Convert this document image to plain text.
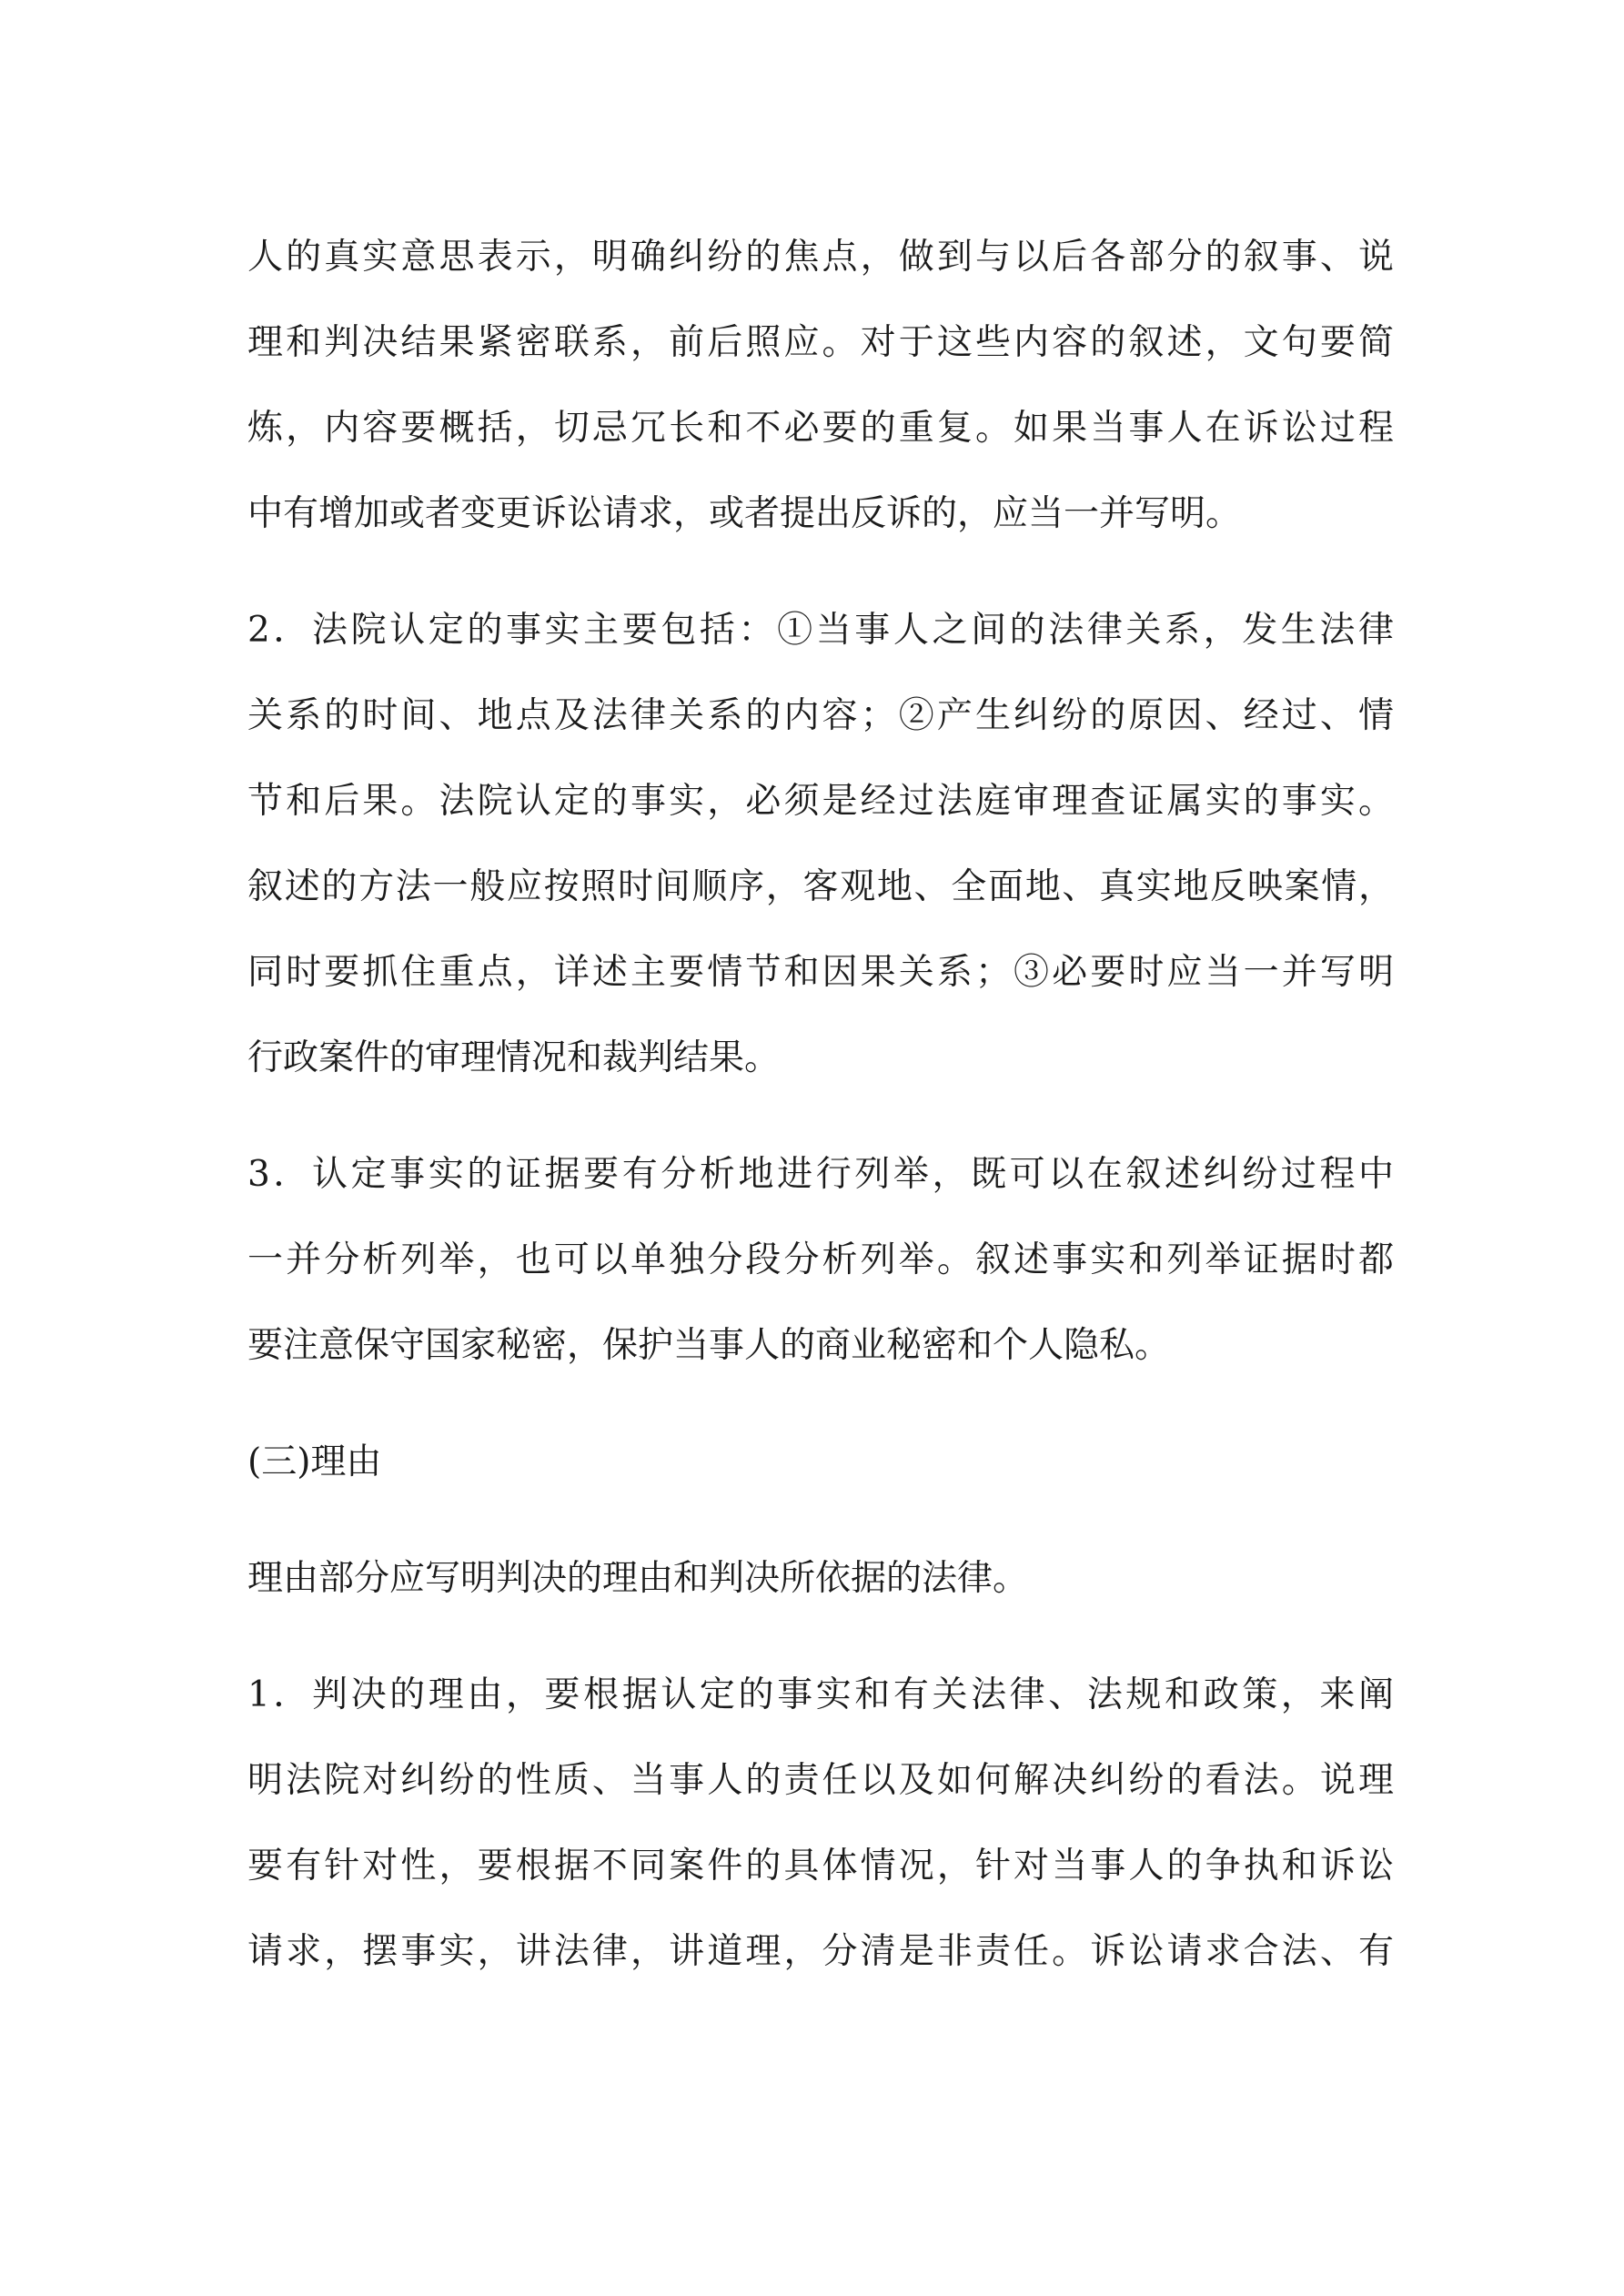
人的真实意思表示，明确纠纷的焦点，做到与以后各部分的叙事、说
理和判决结果紧密联系，前后照应。对于这些内容的叙述，文句要简
炼，内容要概括，切忌冗长和不必要的重复。如果当事人在诉讼过程
中有增加或者变更诉讼请求，或者提出反诉的，应当一并写明。

2．法院认定的事实主要包括：①当事人之间的法律关系，发生法律
关系的时间、地点及法律关系的内容；②产生纠纷的原因、经过、情
节和后果。法院认定的事实，必须是经过法庭审理查证属实的事实。
叙述的方法一般应按照时间顺序，客观地、全面地、真实地反映案情，
同时要抓住重点，详述主要情节和因果关系；③必要时应当一并写明
行政案件的审理情况和裁判结果。

3．认定事实的证据要有分析地进行列举，既可以在叙述纠纷过程中
一并分析列举，也可以单独分段分析列举。叙述事实和列举证据时都
要注意保守国家秘密，保护当事人的商业秘密和个人隐私。

(三)理由

理由部分应写明判决的理由和判决所依据的法律。

1．判决的理由，要根据认定的事实和有关法律、法规和政策，来阐
明法院对纠纷的性质、当事人的责任以及如何解决纠纷的看法。说理
要有针对性，要根据不同案件的具体情况，针对当事人的争执和诉讼
请求，摆事实，讲法律，讲道理，分清是非责任。诉讼请求合法、有
